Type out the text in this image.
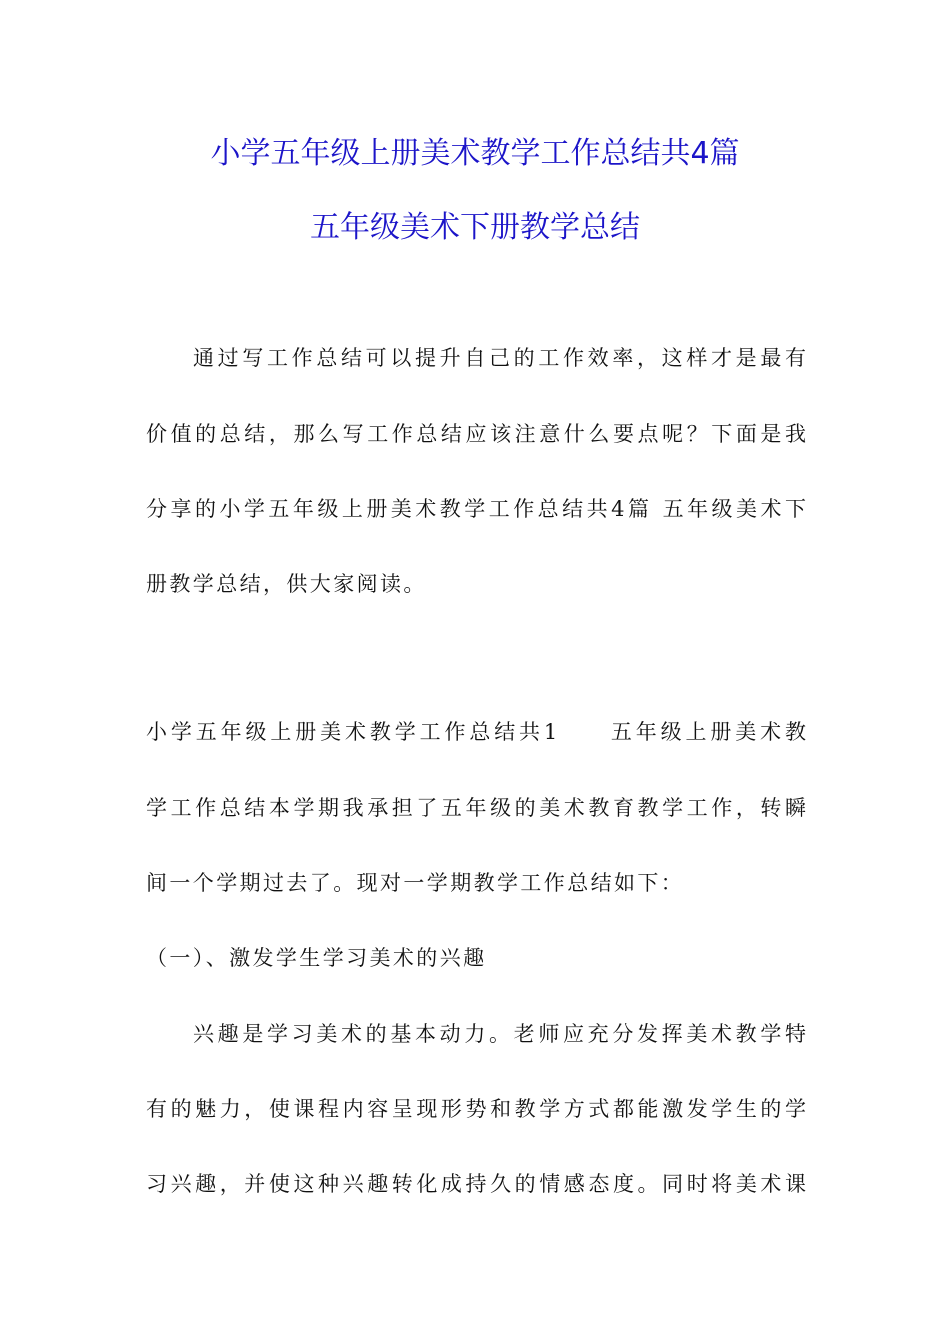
小学五年级上册美术教学工作总结共4篇
五年级美术下册教学总结
通过写工作总结可以提升自己的工作效率，这样才是最有
价值的总结，那么写工作总结应该注意什么要点呢？下面是我
分享的小学五年级上册美术教学工作总结共4篇 五年级美术下
册教学总结，供大家阅读。
小学五年级上册美术教学工作总结共1　　五年级上册美术教
学工作总结本学期我承担了五年级的美术教育教学工作，转瞬
间一个学期过去了。现对一学期教学工作总结如下：
（一）、激发学生学习美术的兴趣
兴趣是学习美术的基本动力。老师应充分发挥美术教学特
有的魅力，使课程内容呈现形势和教学方式都能激发学生的学
习兴趣，并使这种兴趣转化成持久的情感态度。同时将美术课
